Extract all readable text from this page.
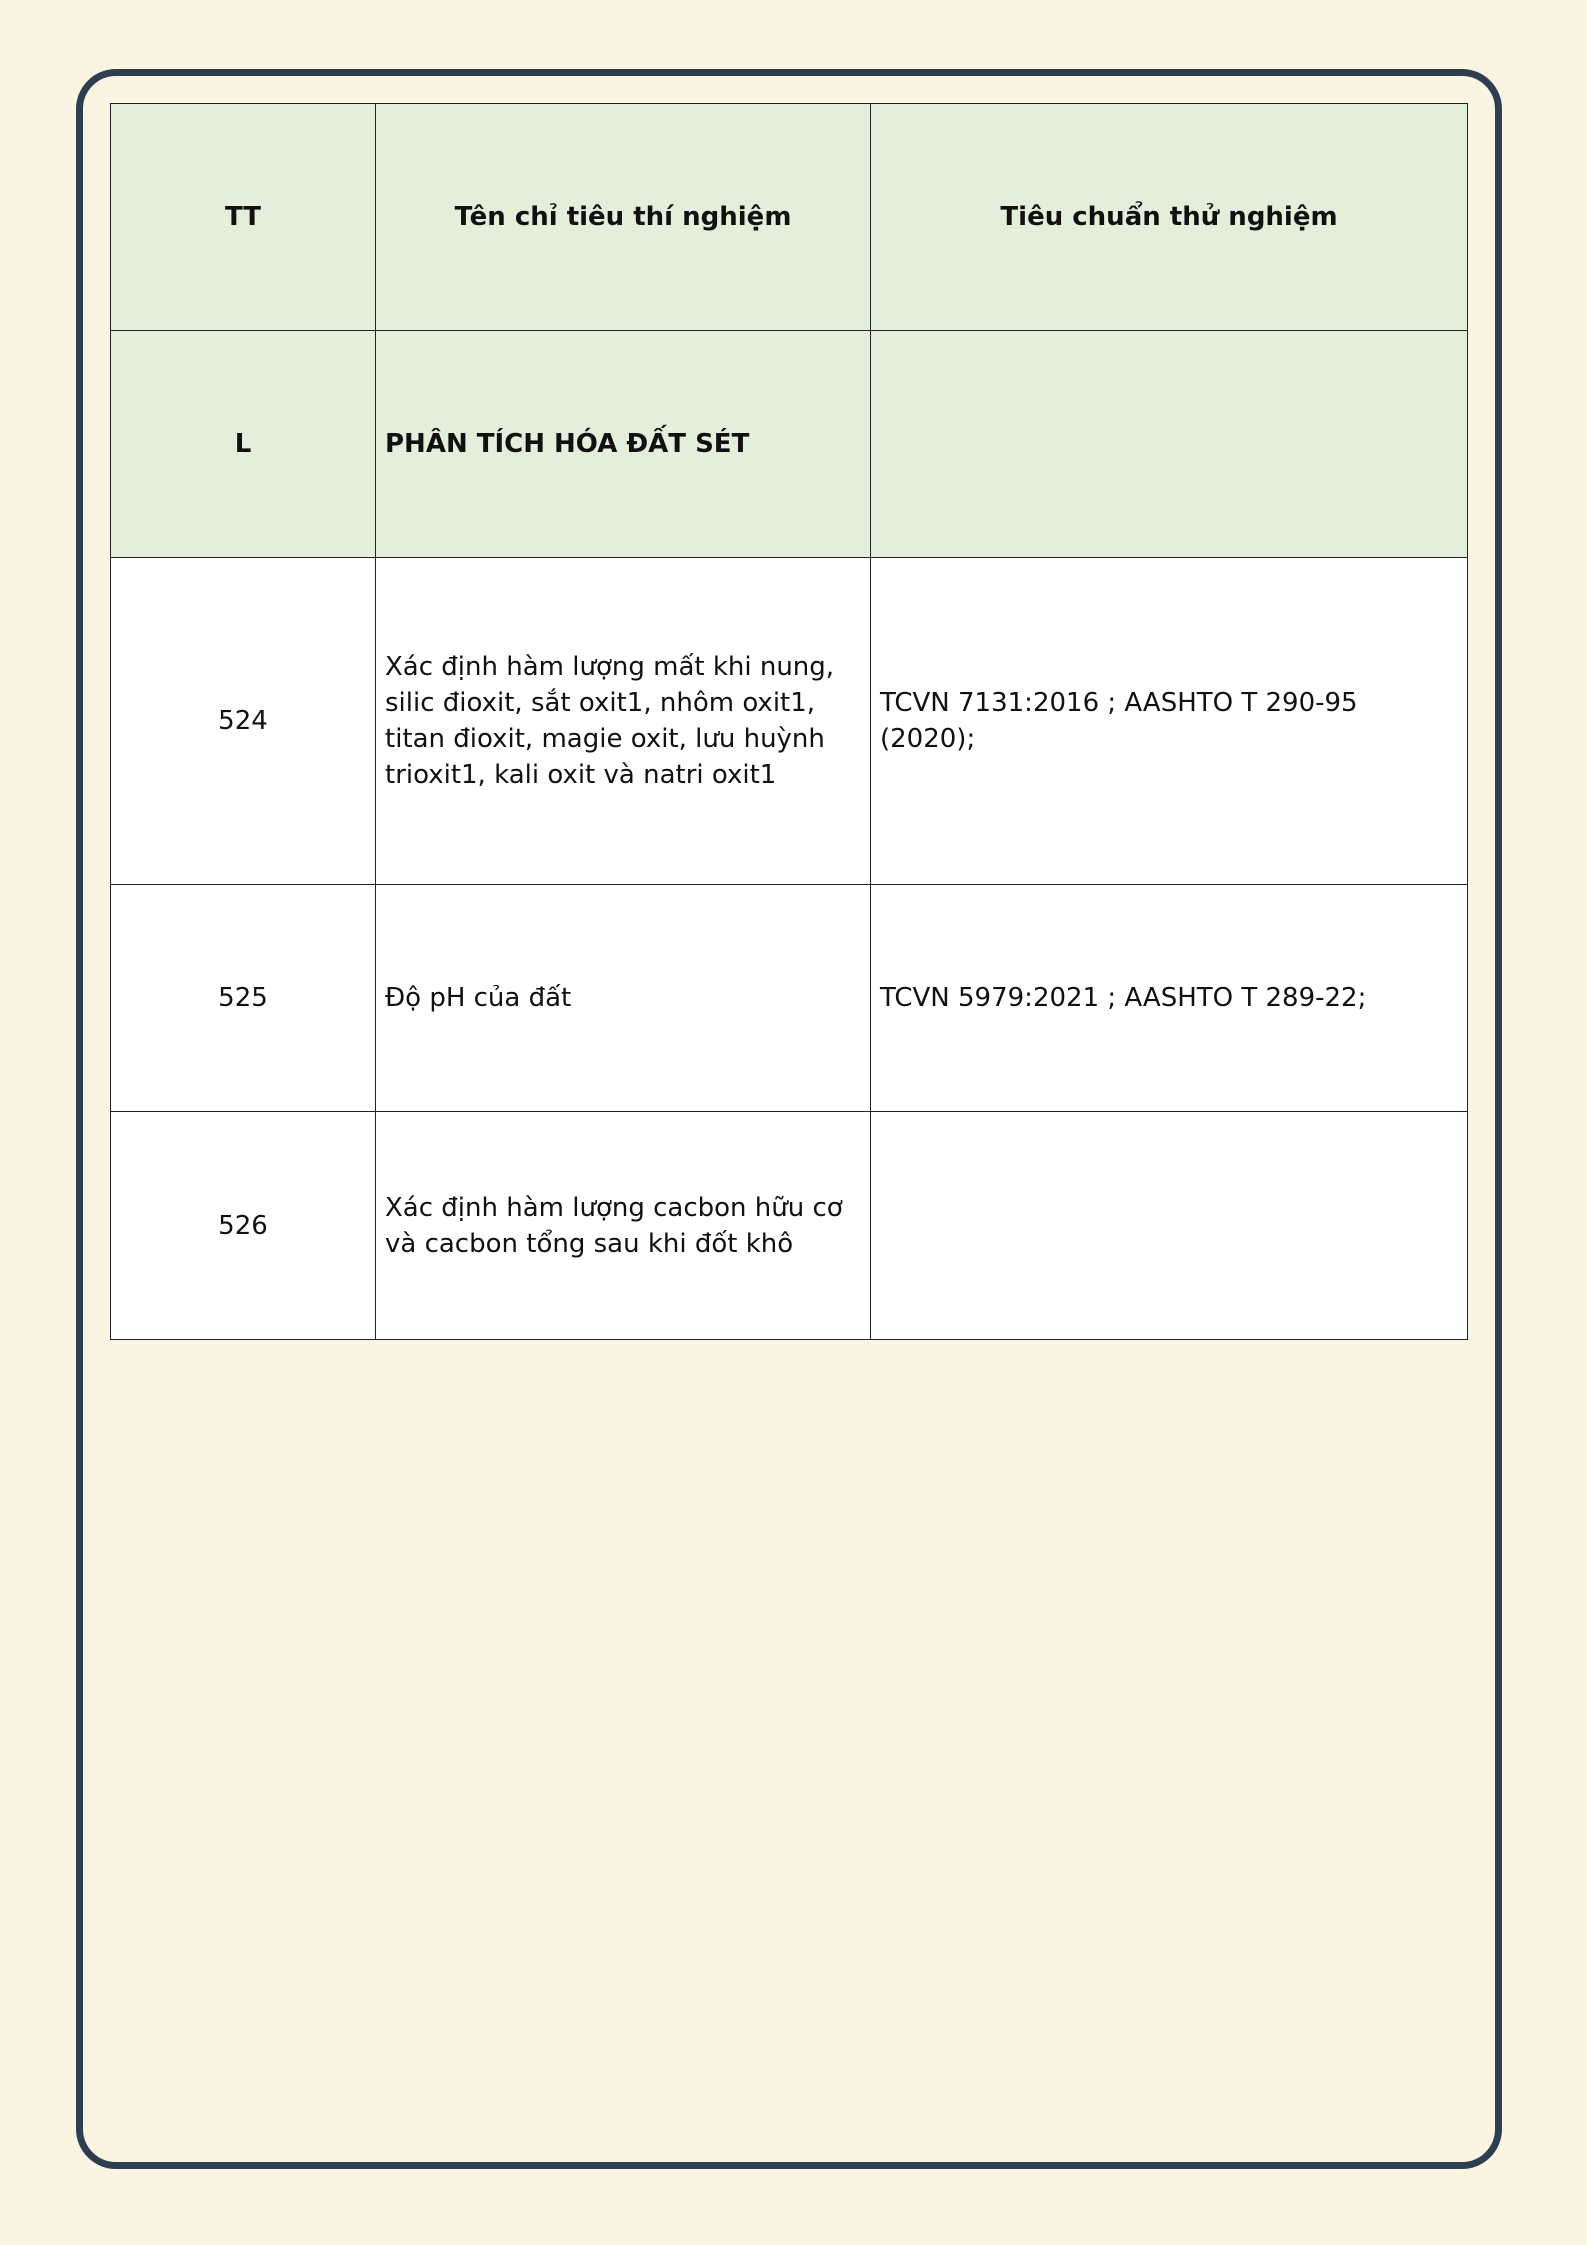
TT	Tên chỉ tiêu thí nghiệm	Tiêu chuẩn thử nghiệm
L	PHÂN TÍCH HÓA ĐẤT SÉT	
524	Xác định hàm lượng mất khi nung, silic đioxit, sắt oxit1, nhôm oxit1, titan đioxit, magie oxit, lưu huỳnh trioxit1, kali oxit và natri oxit1	TCVN 7131:2016 ; AASHTO T 290-95 (2020);
525	Độ pH của đất	TCVN 5979:2021 ; AASHTO T 289-22;
526	Xác định hàm lượng cacbon hữu cơ và cacbon tổng sau khi đốt khô	
